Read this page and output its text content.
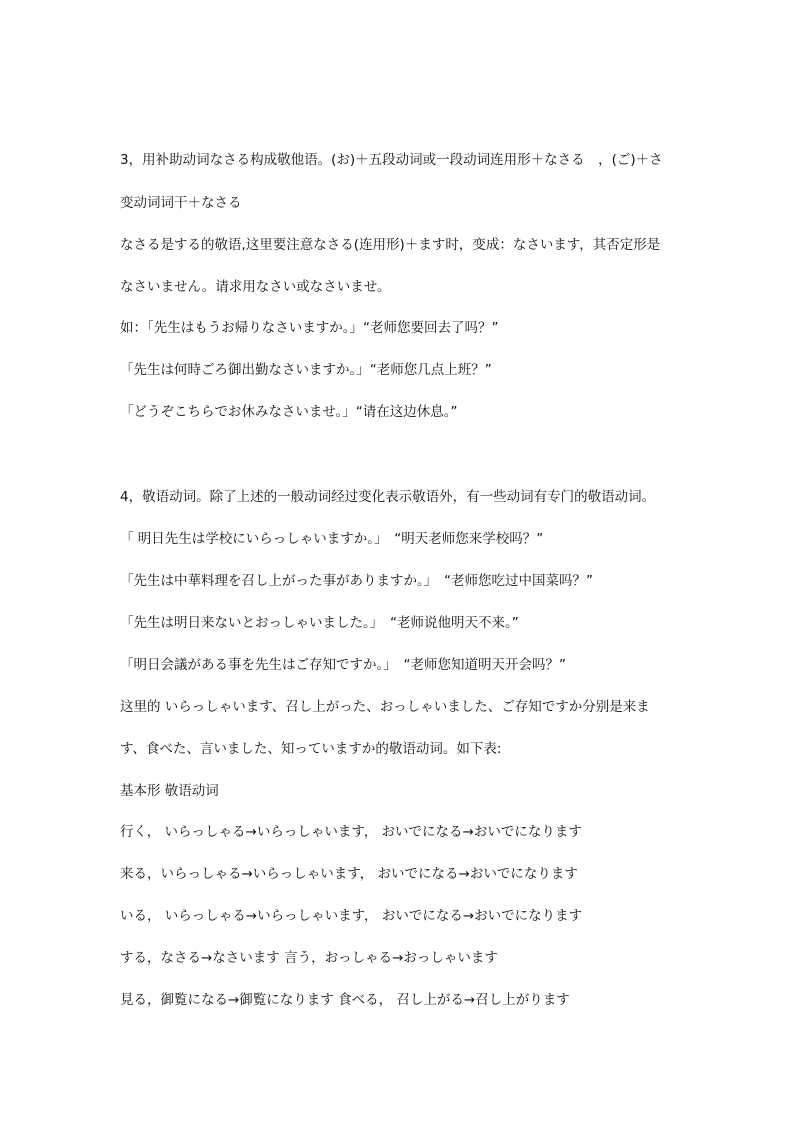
3，用补助动词なさる构成敬他语。(お)＋五段动词或一段动词连用形＋なさる　，(ご)＋さ
变动词词干＋なさる
なさる是する的敬语,这里要注意なさる(连用形)＋ます时，变成：なさいます，其否定形是
なさいません。请求用なさい或なさいませ。
如：「先生はもうお帰りなさいますか。」“老师您要回去了吗？”
「先生は何時ごろ御出勤なさいますか。」“老师您几点上班？”
「どうぞこちらでお休みなさいませ。」“请在这边休息。”
4，敬语动词。除了上述的一般动词经过变化表示敬语外，有一些动词有专门的敬语动词。
「 明日先生は学校にいらっしゃいますか。」　“明天老师您来学校吗？”
「先生は中華料理を召し上がった事がありますか。」　“老师您吃过中国菜吗？”
「先生は明日来ないとおっしゃいました。」　“老师说他明天不来。”
「明日会議がある事を先生はご存知ですか。」　“老师您知道明天开会吗？”
这里的 いらっしゃいます、召し上がった、おっしゃいました、ご存知ですか分别是来ま
す、食べた、言いました、知っていますか的敬语动词。如下表:
基本形 敬语动词
行く， いらっしゃる→いらっしゃいます， おいでになる→おいでになります
来る，いらっしゃる→いらっしゃいます， おいでになる→おいでになります
いる， いらっしゃる→いらっしゃいます， おいでになる→おいでになります
する，なさる→なさいます 言う，おっしゃる→おっしゃいます
見る，御覧になる→御覧になります 食べる， 召し上がる→召し上がります
